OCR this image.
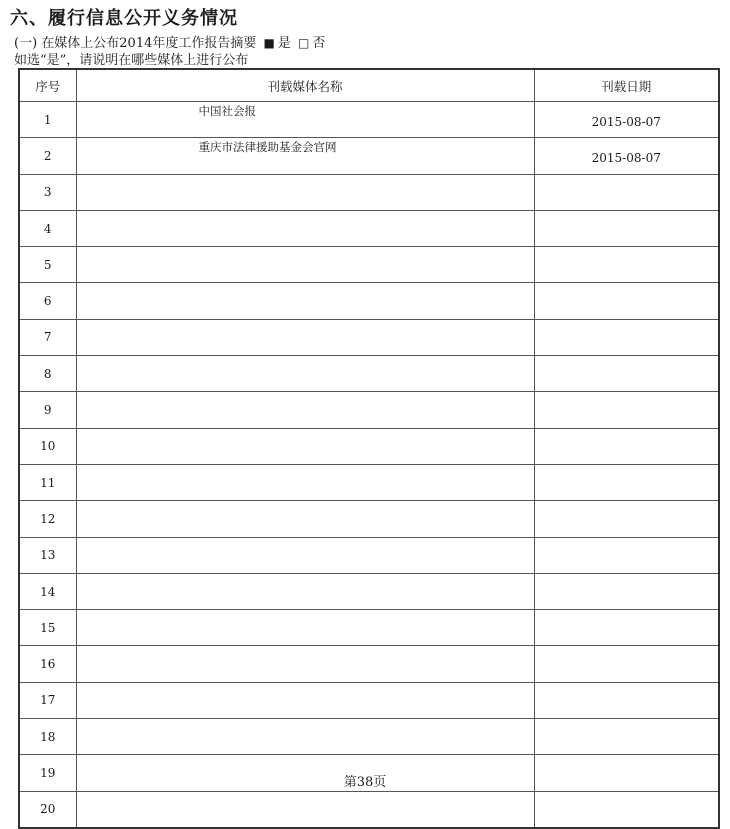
六、履行信息公开义务情况
(一) 在媒体上公布2014年度工作报告摘要 ■ 是 □ 否
如选“是”，请说明在哪些媒体上进行公布
序号	刊载媒体名称	刊载日期
1	中国社会报	2015-08-07
2	重庆市法律援助基金会官网	2015-08-07
3	

4	

5	

6	

7	

8	

9	

10	

11	

12	

13	

14	

15	

16	

17	

18	

19	

20	

第38页
